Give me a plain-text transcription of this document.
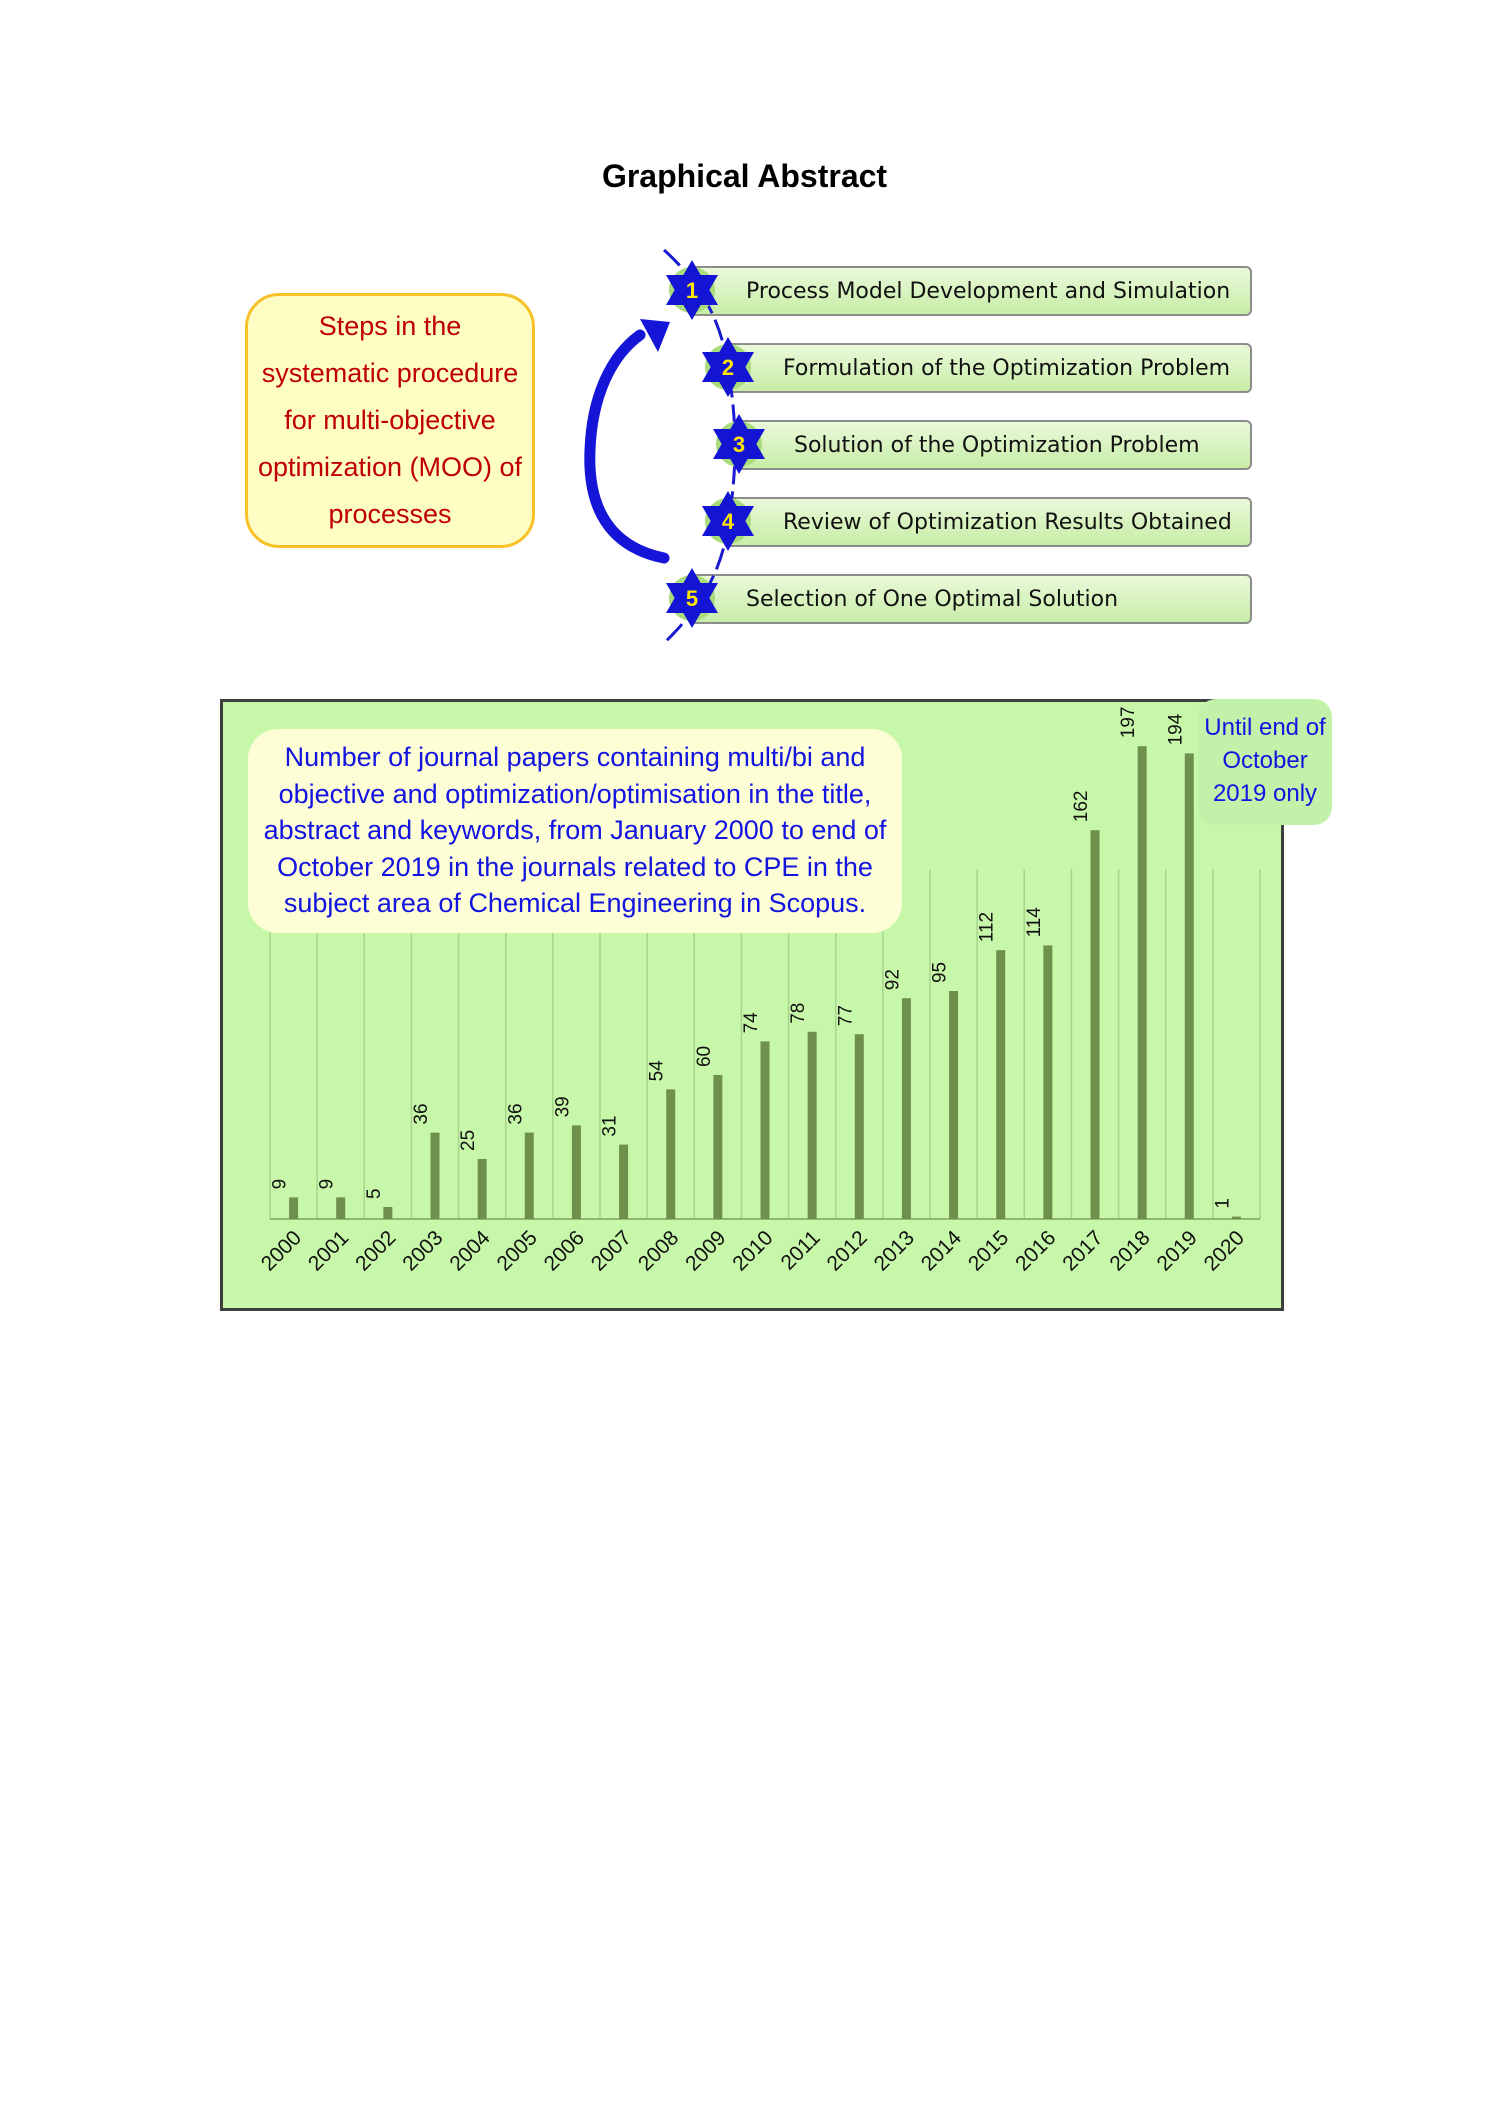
Graphical Abstract
Steps in the systematic procedure for multi-objective optimization (MOO) of processes
Process Model Development and Simulation
Formulation of the Optimization Problem
Solution of the Optimization Problem
Review of Optimization Results Obtained
Selection of One Optimal Solution
1
2
3
4
5
9 9
5
36
25
36 39
31
54
60
74 78 77
92 95
112 114
162
197 194
1
2000
2001
2002
2003
2004
2005
2006
2007
2008
2009
2010
2011
2012
2013
2014
2015
2016
2017
2018
2019
2020
Number of journal papers containing multi/bi and objective and optimization/optimisation in the title, abstract and keywords, from January 2000 to end of October 2019 in the journals related to CPE in the subject area of Chemical Engineering in Scopus.
Until end of October 2019 only
